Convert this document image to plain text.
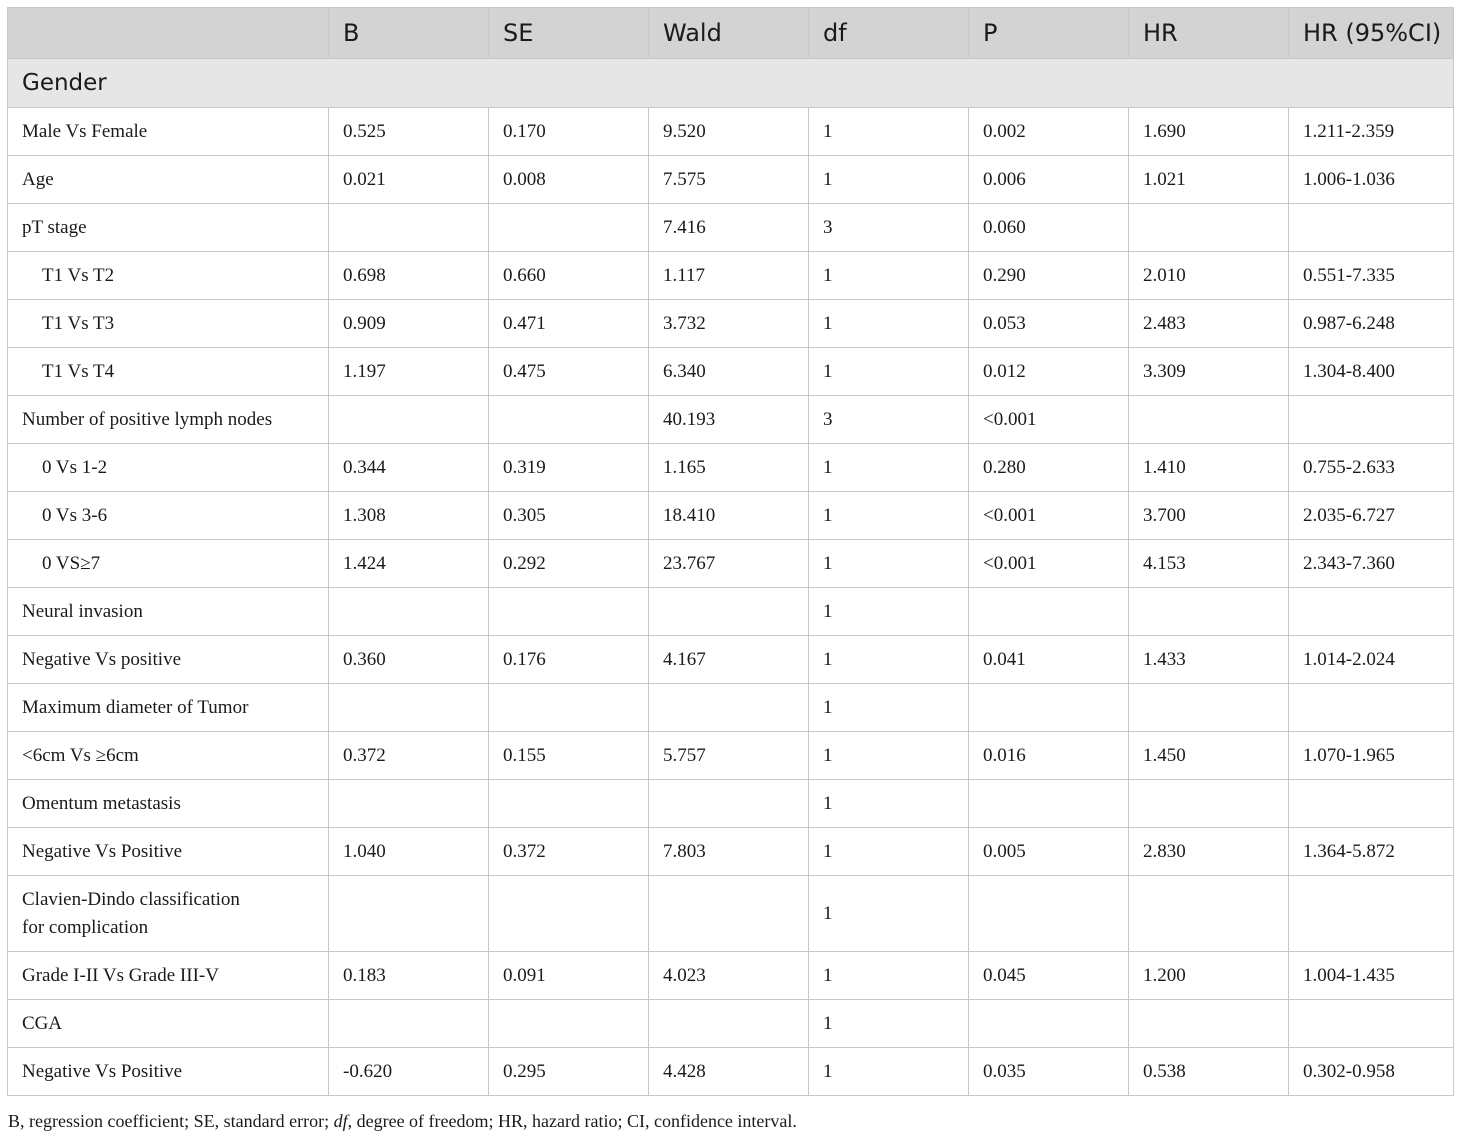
	B	SE	Wald	df	P	HR	HR (95%CI)
Gender							
Male Vs Female	0.525	0.170	9.520	1	0.002	1.690	1.211-2.359
Age	0.021	0.008	7.575	1	0.006	1.021	1.006-1.036
pT stage			7.416	3	0.060		
T1 Vs T2	0.698	0.660	1.117	1	0.290	2.010	0.551-7.335
T1 Vs T3	0.909	0.471	3.732	1	0.053	2.483	0.987-6.248
T1 Vs T4	1.197	0.475	6.340	1	0.012	3.309	1.304-8.400
Number of positive lymph nodes			40.193	3	<0.001		
0 Vs 1-2	0.344	0.319	1.165	1	0.280	1.410	0.755-2.633
0 Vs 3-6	1.308	0.305	18.410	1	<0.001	3.700	2.035-6.727
0 VS≥7	1.424	0.292	23.767	1	<0.001	4.153	2.343-7.360
Neural invasion				1			
Negative Vs positive	0.360	0.176	4.167	1	0.041	1.433	1.014-2.024
Maximum diameter of Tumor				1			
<6cm Vs ≥6cm	0.372	0.155	5.757	1	0.016	1.450	1.070-1.965
Omentum metastasis				1			
Negative Vs Positive	1.040	0.372	7.803	1	0.005	2.830	1.364-5.872
Clavien-Dindo classification
for complication				1			
Grade I-II Vs Grade III-V	0.183	0.091	4.023	1	0.045	1.200	1.004-1.435
CGA				1			
Negative Vs Positive	-0.620	0.295	4.428	1	0.035	0.538	0.302-0.958
B, regression coefficient; SE, standard error; df, degree of freedom; HR, hazard ratio; CI, confidence interval.
